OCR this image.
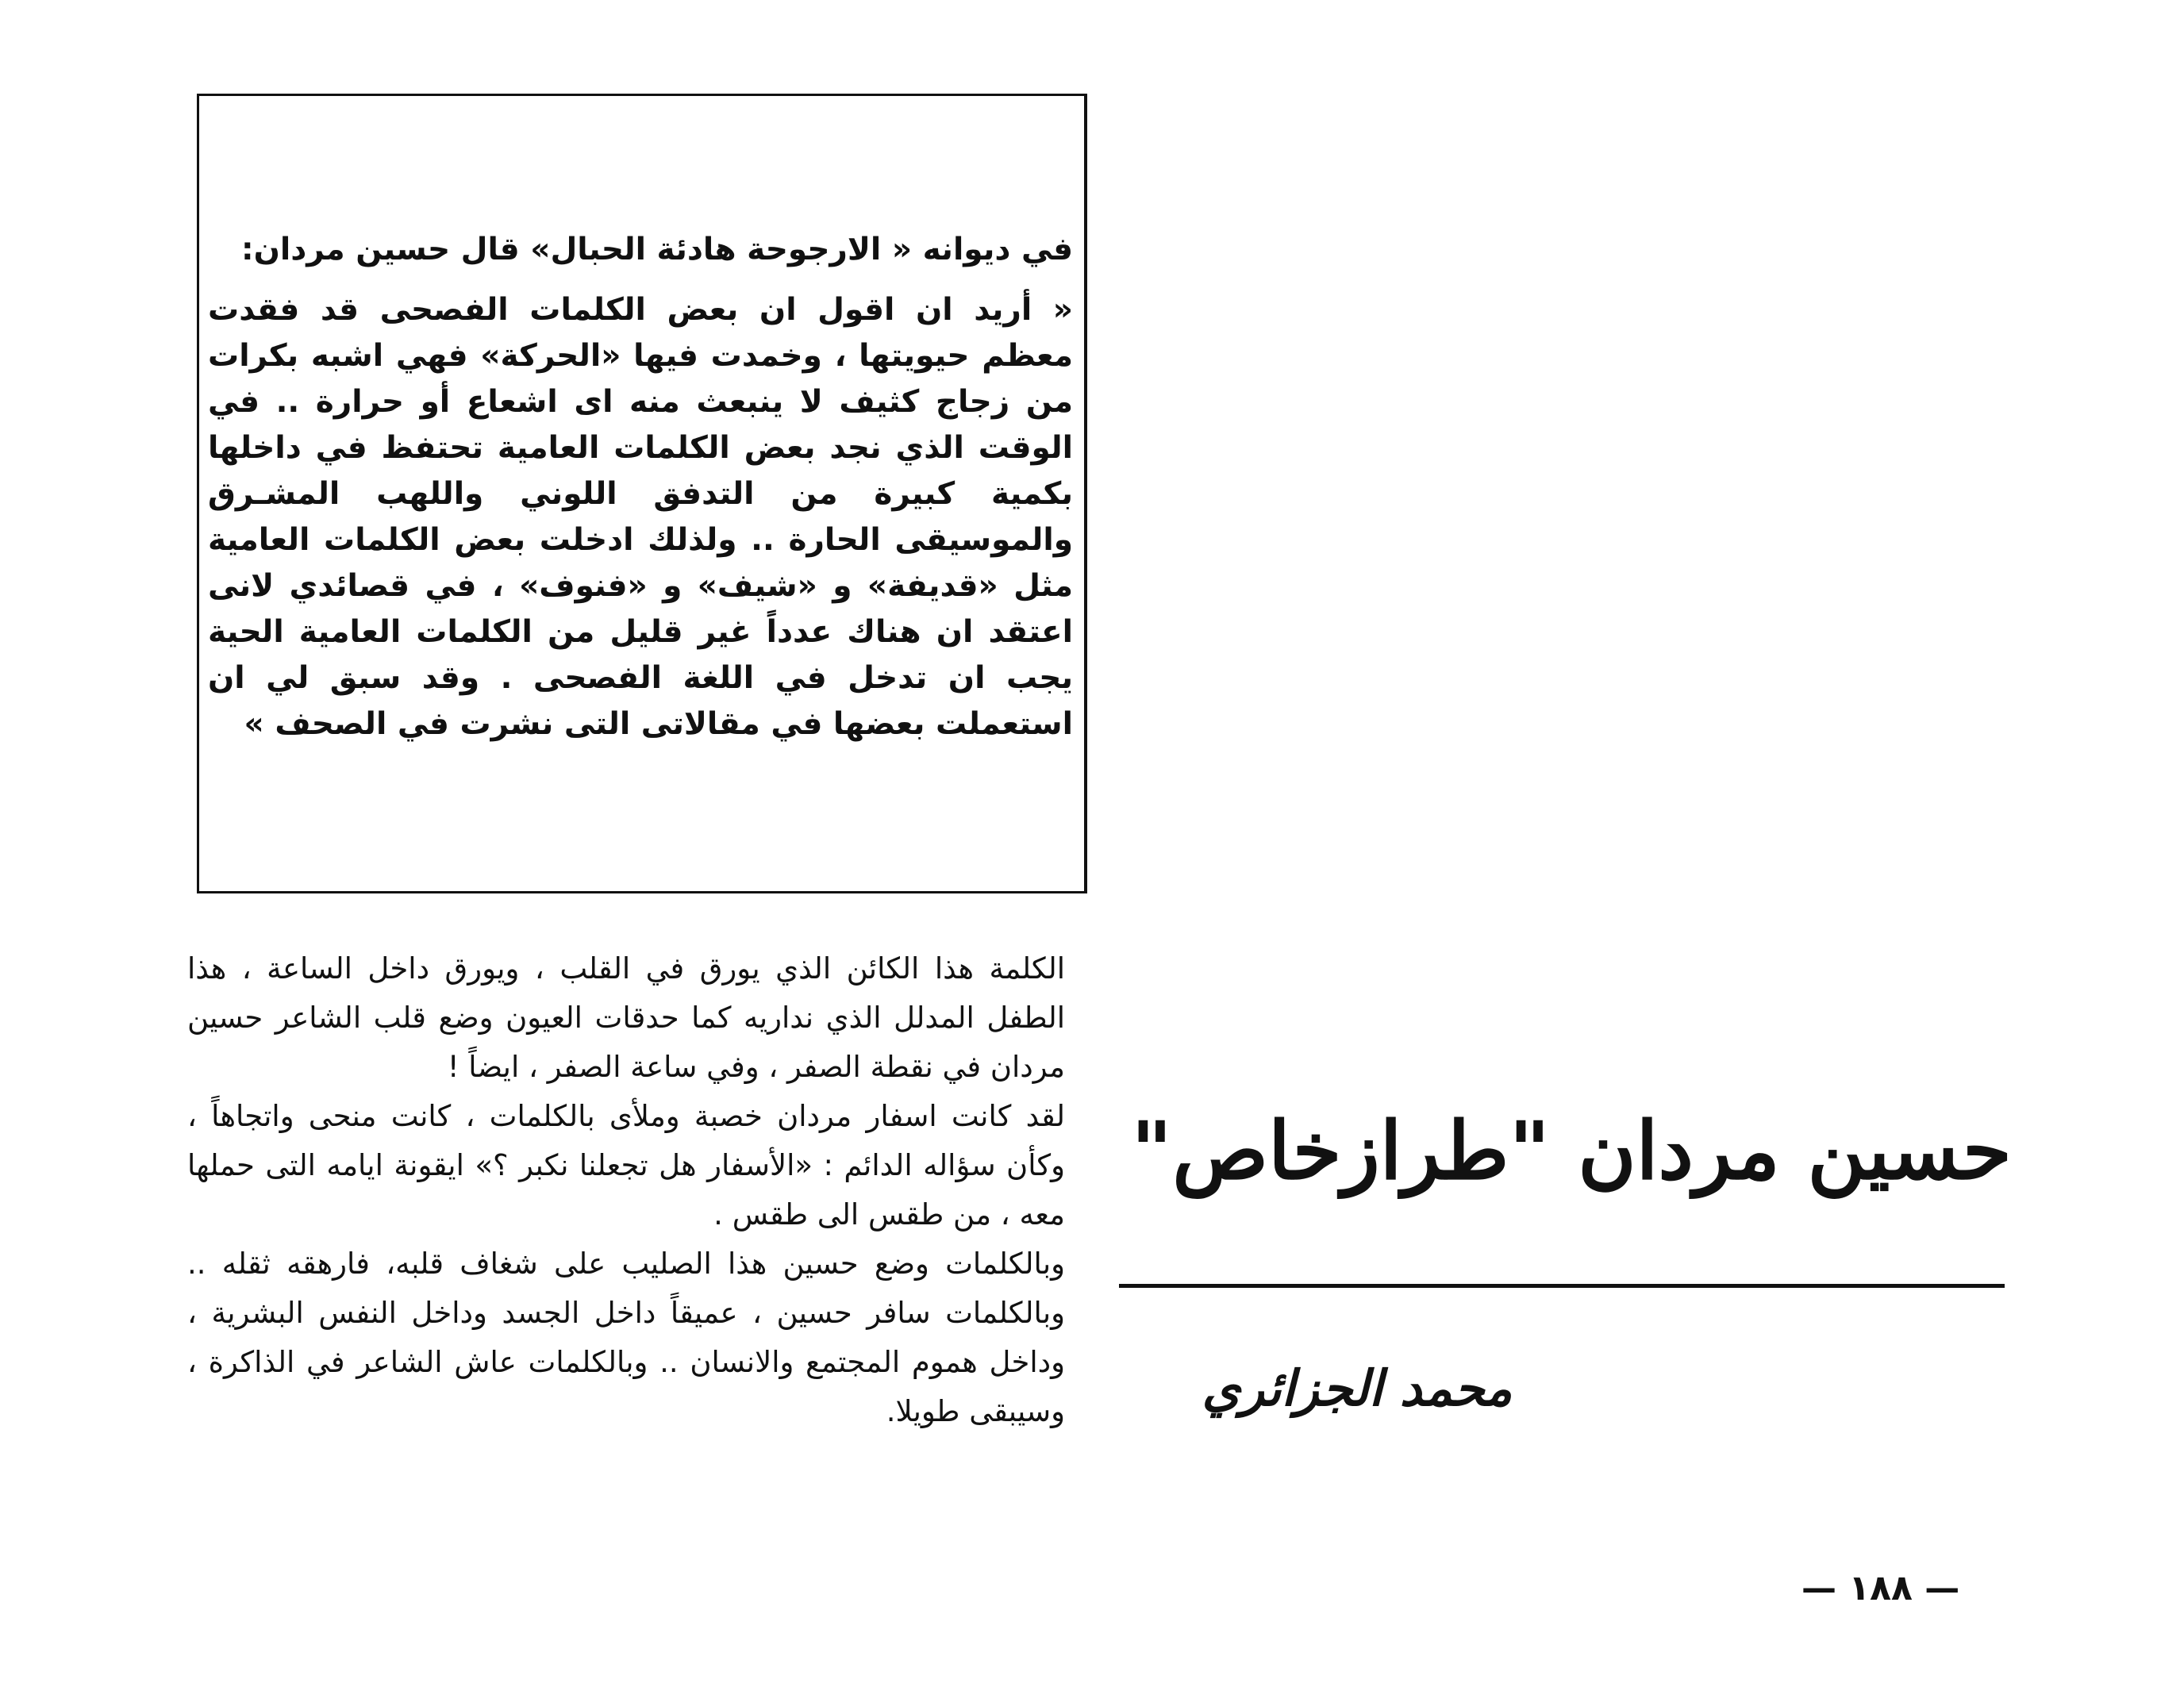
في ديوانه « الارجوحة هادئة الحبال» قال حسين مردان:

« أريد ان اقول ان بعض الكلمات الفصحى قد فقدت معظم حيويتها ، وخمدت فيها «الحركة» فهي اشبه بكرات من زجاج كثيف لا ينبعث منه اى اشعاع أو حرارة .. في الوقت الذي نجد بعض الكلمات العامية تحتفظ في داخلها بكمية كبيرة من التدفق اللوني واللهب المشـرق والموسيقى الحارة .. ولذلك ادخلت بعض الكلمات العامية مثل «قديفة» و «شيف» و «فنوف» ، في قصائدي لانى اعتقد ان هناك عدداً غير قليل من الكلمات العامية الحية يجب ان تدخل في اللغة الفصحى . وقد سبق لي ان استعملت بعضها في مقالاتى التى نشرت في الصحف »

الكلمة هذا الكائن الذي يورق في القلب ، ويورق داخل الساعة ، هذا الطفل المدلل الذي نداريه كما حدقات العيون وضع قلب الشاعر حسين مردان في نقطة الصفر ، وفي ساعة الصفر ، ايضاً !

لقد كانت اسفار مردان خصبة وملأى بالكلمات ، كانت منحى واتجاهاً ، وكأن سؤاله الدائم : «الأسفار هل تجعلنا نكبر ؟» ايقونة ايامه التى حملها معه ، من طقس الى طقس .

وبالكلمات وضع حسين هذا الصليب على شغاف قلبه، فارهقه ثقله .. وبالكلمات سافر حسين ، عميقاً داخل الجسد وداخل النفس البشرية ، وداخل هموم المجتمع والانسان .. وبالكلمات عاش الشاعر في الذاكرة ، وسيبقى طويلا.

حسين مردان "طرازخاص"
محمد الجزائري
— ١٨٨ —
